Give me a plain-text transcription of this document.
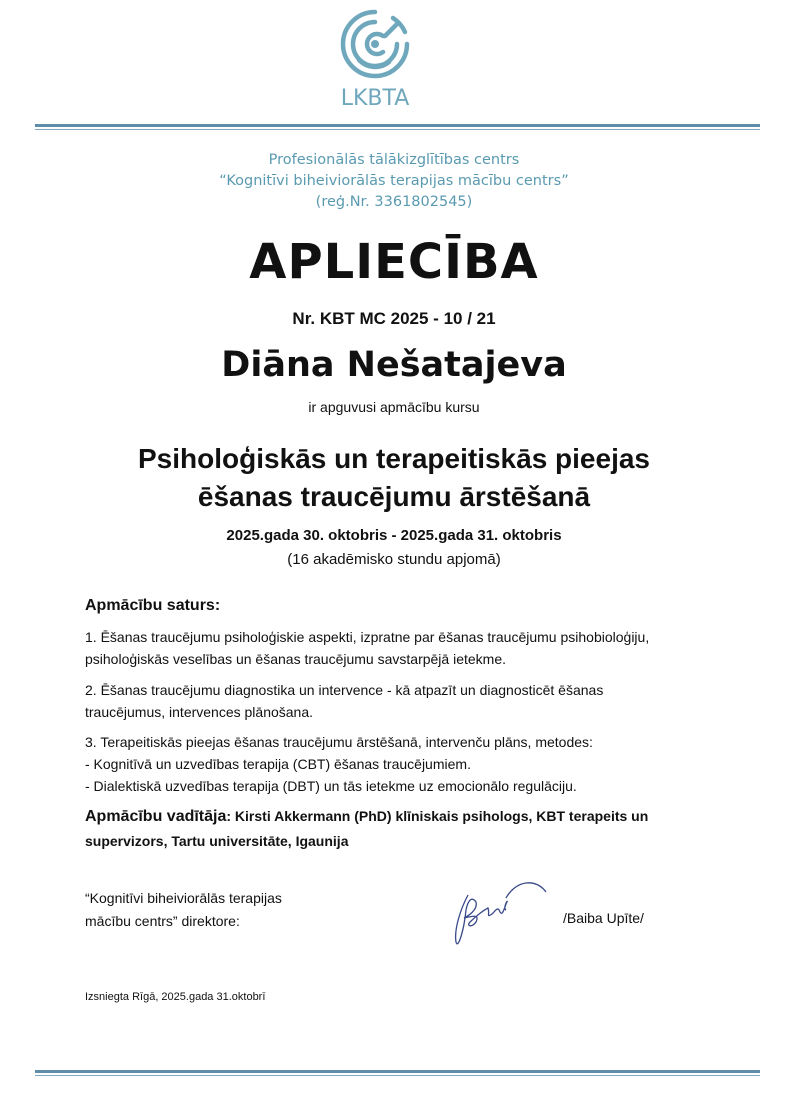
LKBTA
Profesionālās tālākizglītības centrs
“Kognitīvi biheiviorālās terapijas mācību centrs”
(reģ.Nr. 3361802545)
APLIECĪBA
Nr. KBT MC 2025 - 10 / 21
Diāna Nešatajeva
ir apguvusi apmācību kursu
Psiholoģiskās un terapeitiskās pieejas
ēšanas traucējumu ārstēšanā
2025.gada 30. oktobris - 2025.gada 31. oktobris
(16 akadēmisko stundu apjomā)
Apmācību saturs:
1. Ēšanas traucējumu psiholoģiskie aspekti, izpratne par ēšanas traucējumu psihobioloģiju,
psiholoģiskās veselības un ēšanas traucējumu savstarpējā ietekme.
2. Ēšanas traucējumu diagnostika un intervence - kā atpazīt un diagnosticēt ēšanas
traucējumus, intervences plānošana.
3. Terapeitiskās pieejas ēšanas traucējumu ārstēšanā, intervenču plāns, metodes:
- Kognitīvā un uzvedības terapija (CBT) ēšanas traucējumiem.
- Dialektiskā uzvedības terapija (DBT) un tās ietekme uz emocionālo regulāciju.
Apmācību vadītāja: Kirsti Akkermann (PhD) klīniskais psihologs, KBT terapeits un
supervizors, Tartu universitāte, Igaunija
“Kognitīvi biheiviorālās terapijas
mācību centrs” direktore:	/Baiba Upīte/
Izsniegta Rīgā, 2025.gada 31.oktobrī
